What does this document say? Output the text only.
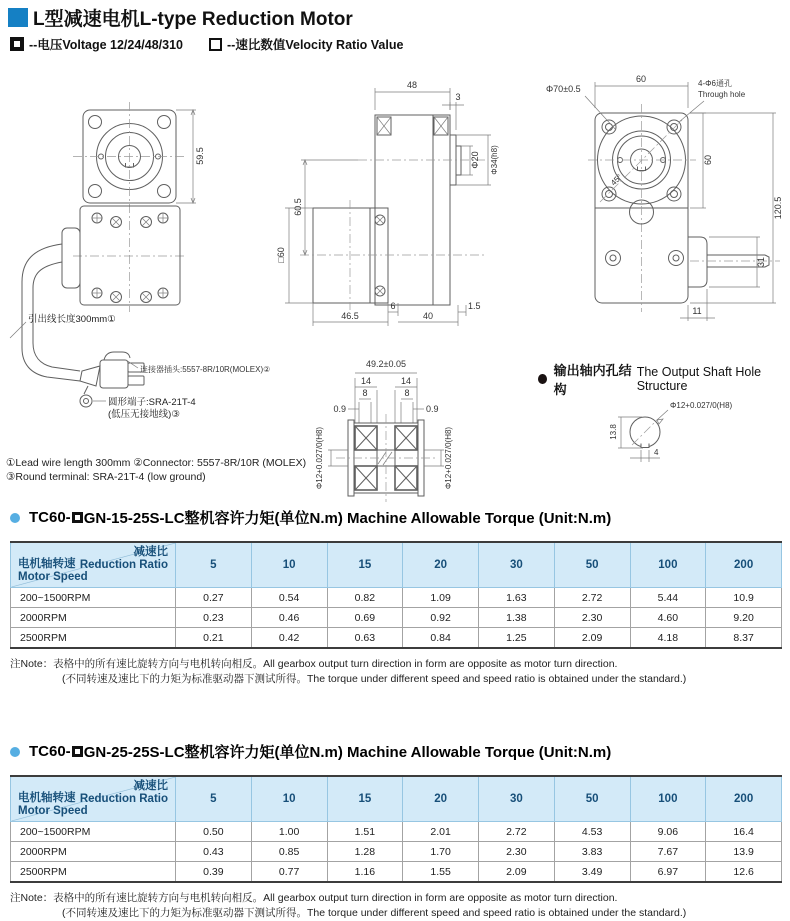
L型减速电机L-type Reduction Motor
--电压Voltage 12/24/48/310	--速比数值Velocity Ratio Value
59.5
引出线长度300mm①
连接器插头:5557-8R/10R(MOLEX)②
圆形端子:SRA-21T-4
(低压无接地线)③
48
3
Φ20 Φ34(h8)
60.5
□60
46.5
6
40
1.5
49.2±0.05
14	14
8	8
0.9	0.9
Φ12+0.027/0(H8)	Φ12+0.027/0(H8)
45°
Φ70±0.5
60	4-Φ6通孔
Through hole
60
120.5
31
11
Φ12+0.027/0(H8)
13.8
4
输出轴内孔结构
The Output Shaft Hole Structure
①Lead wire length 300mm ②Connector: 5557-8R/10R (MOLEX)
③Round terminal: SRA-21T-4 (low ground)
TC60- GN-15-25S-LC整机容许力矩(单位N.m) Machine Allowable Torque (Unit:N.m)
减速比
Reduction Ratio
电机轴转速
Motor Speed	5	10	15	20	30	50	100	200
200~1500RPM	0.27	0.54	0.82	1.09	1.63	2.72	5.44	10.9
2000RPM	0.23	0.46	0.69	0.92	1.38	2.30	4.60	9.20
2500RPM	0.21	0.42	0.63	0.84	1.25	2.09	4.18	8.37
注Note：表格中的所有速比旋转方向与电机转向相反。All gearbox output turn direction in form are opposite as motor turn direction.
(不同转速及速比下的力矩为标准驱动器下测试所得。The torque under different speed and speed ratio is obtained under the standard.)
TC60- GN-25-25S-LC整机容许力矩(单位N.m) Machine Allowable Torque (Unit:N.m)
减速比
Reduction Ratio
电机轴转速
Motor Speed	5	10	15	20	30	50	100	200
200~1500RPM	0.50	1.00	1.51	2.01	2.72	4.53	9.06	16.4
2000RPM	0.43	0.85	1.28	1.70	2.30	3.83	7.67	13.9
2500RPM	0.39	0.77	1.16	1.55	2.09	3.49	6.97	12.6
注Note：表格中的所有速比旋转方向与电机转向相反。All gearbox output turn direction in form are opposite as motor turn direction.
(不同转速及速比下的力矩为标准驱动器下测试所得。The torque under different speed and speed ratio is obtained under the standard.)
